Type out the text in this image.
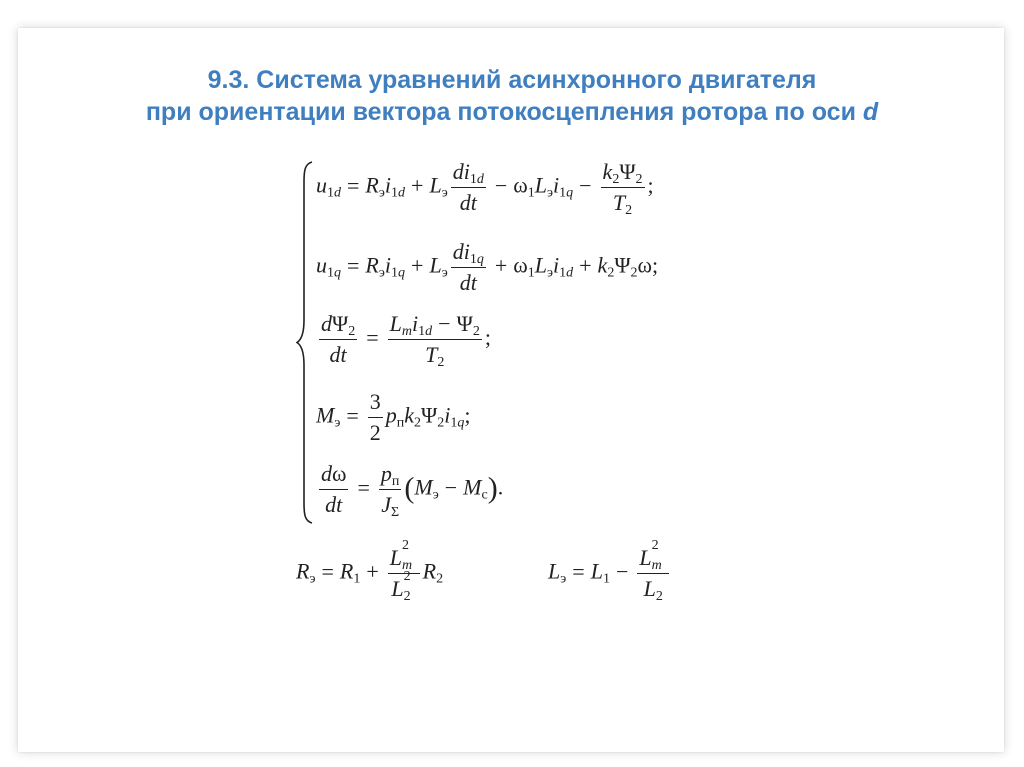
9.3. Система уравнений асинхронного двигателя
при ориентации вектора потокосцепления ротора по оси d
$u_{1d} = R_эi_{1d} + L_э \frac{di_{1d}}{dt} - \omega_1L_эi_{1q} - \frac{k_2\Psi_2}{T_2}$ ;
$u_{1q} = R_эi_{1q} + L_э \frac{di_{1q}}{dt} + \omega_1L_эi_{1d} + k_2\Psi_2\omega$;
$\frac{d\Psi_2}{dt} = \frac{L_mi_{1d} - \Psi_2}{T_2}$ ;
$M_э = \frac{3}{2} p_пk_2\Psi_2i_{1q}$;
$\frac{d\omega}{dt} = \frac{p_п}{J_\Sigma} (M_э - M_с)$.
$R_э = R_1 + Lm$
2

L2
2
$R_2$	$L_э = L_1 - Lm$
2

$L_2$
